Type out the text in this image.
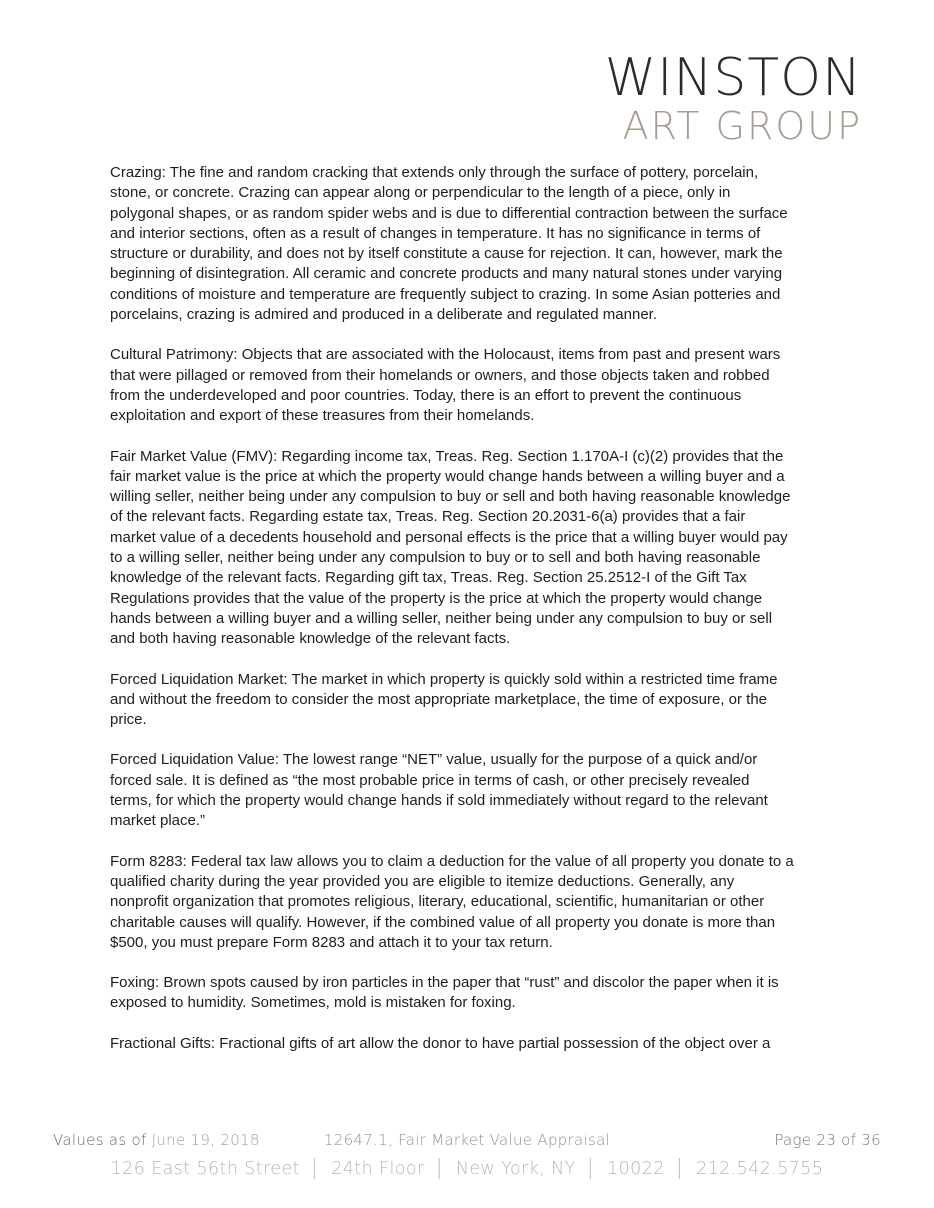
WINSTON
ART GROUP

Crazing: The fine and random cracking that extends only through the surface of pottery, porcelain, stone, or concrete. Crazing can appear along or perpendicular to the length of a piece, only in polygonal shapes, or as random spider webs and is due to differential contraction between the surface and interior sections, often as a result of changes in temperature. It has no significance in terms of structure or durability, and does not by itself constitute a cause for rejection. It can, however, mark the beginning of disintegration. All ceramic and concrete products and many natural stones under varying conditions of moisture and temperature are frequently subject to crazing. In some Asian potteries and porcelains, crazing is admired and produced in a deliberate and regulated manner.

Cultural Patrimony: Objects that are associated with the Holocaust, items from past and present wars that were pillaged or removed from their homelands or owners, and those objects taken and robbed from the underdeveloped and poor countries. Today, there is an effort to prevent the continuous exploitation and export of these treasures from their homelands.

Fair Market Value (FMV): Regarding income tax, Treas. Reg. Section 1.170A-I (c)(2) provides that the fair market value is the price at which the property would change hands between a willing buyer and a willing seller, neither being under any compulsion to buy or sell and both having reasonable knowledge of the relevant facts. Regarding estate tax, Treas. Reg. Section 20.2031-6(a) provides that a fair market value of a decedents household and personal effects is the price that a willing buyer would pay to a willing seller, neither being under any compulsion to buy or to sell and both having reasonable knowledge of the relevant facts. Regarding gift tax, Treas. Reg. Section 25.2512-I of the Gift Tax Regulations provides that the value of the property is the price at which the property would change hands between a willing buyer and a willing seller, neither being under any compulsion to buy or sell and both having reasonable knowledge of the relevant facts.

Forced Liquidation Market: The market in which property is quickly sold within a restricted time frame and without the freedom to consider the most appropriate marketplace, the time of exposure, or the price.

Forced Liquidation Value: The lowest range “NET” value, usually for the purpose of a quick and/or forced sale. It is defined as “the most probable price in terms of cash, or other precisely revealed terms, for which the property would change hands if sold immediately without regard to the relevant market place.”

Form 8283: Federal tax law allows you to claim a deduction for the value of all property you donate to a qualified charity during the year provided you are eligible to itemize deductions. Generally, any nonprofit organization that promotes religious, literary, educational, scientific, humanitarian or other charitable causes will qualify. However, if the combined value of all property you donate is more than $500, you must prepare Form 8283 and attach it to your tax return.

Foxing: Brown spots caused by iron particles in the paper that “rust” and discolor the paper when it is exposed to humidity. Sometimes, mold is mistaken for foxing.

Fractional Gifts: Fractional gifts of art allow the donor to have partial possession of the object over a

Values as of June 19, 2018	12647.1, Fair Market Value Appraisal	Page 23 of 36
126 East 56th Street │ 24th Floor │ New York, NY │ 10022 │ 212.542.5755
